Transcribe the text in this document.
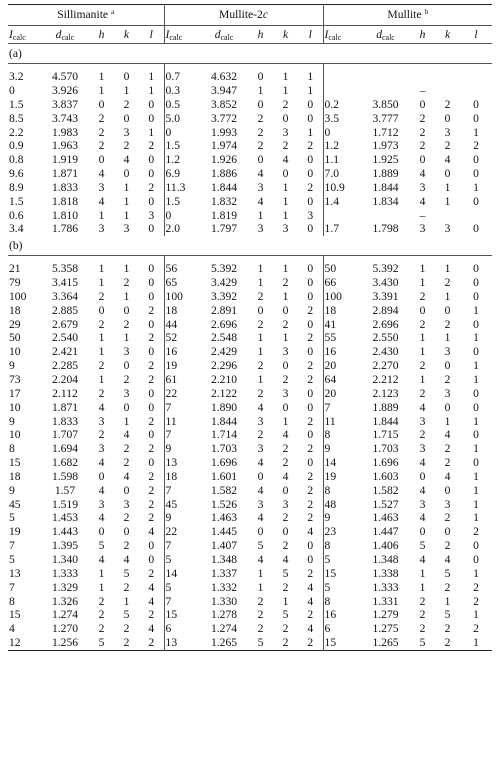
Sillimanite $^a$					Mullite-2c					Mullite $^b$
$I_{calc}$	$d_{calc}$	h	k	l	$I_{calc}$	$d_{calc}$	h	k	l	$I_{calc}$	$d_{calc}$	h	k	l
(a)														

3.2	4.570	1	0	1	0.7	4.632	0	1	1					
0	3.926	1	1	1	0.3	3.947	1	1	1			–		
1.5	3.837	0	2	0	0.5	3.852	0	2	0	0.2	3.850	0	2	0
8.5	3.743	2	0	0	5.0	3.772	2	0	0	3.5	3.777	2	0	0
2.2	1.983	2	3	1	0	1.993	2	3	1	0	1.712	2	3	1
0.9	1.963	2	2	2	1.5	1.974	2	2	2	1.2	1.973	2	2	2
0.8	1.919	0	4	0	1.2	1.926	0	4	0	1.1	1.925	0	4	0
9.6	1.871	4	0	0	6.9	1.886	4	0	0	7.0	1.889	4	0	0
8.9	1.833	3	1	2	11.3	1.844	3	1	2	10.9	1.844	3	1	1
1.5	1.818	4	1	0	1.5	1.832	4	1	0	1.4	1.834	4	1	0
0.6	1.810	1	1	3	0	1.819	1	1	3			–		
3.4	1.786	3	3	0	2.0	1.797	3	3	0	1.7	1.798	3	3	0
(b)														

21	5.358	1	1	0	56	5.392	1	1	0	50	5.392	1	1	0
79	3.415	1	2	0	65	3.429	1	2	0	66	3.430	1	2	0
100	3.364	2	1	0	100	3.392	2	1	0	100	3.391	2	1	0
18	2.885	0	0	2	18	2.891	0	0	2	18	2.894	0	0	1
29	2.679	2	2	0	44	2.696	2	2	0	41	2.696	2	2	0
50	2.540	1	1	2	52	2.548	1	1	2	55	2.550	1	1	1
10	2.421	1	3	0	16	2.429	1	3	0	16	2.430	1	3	0
9	2.285	2	0	2	19	2.296	2	0	2	20	2.270	2	0	1
73	2.204	1	2	2	61	2.210	1	2	2	64	2.212	1	2	1
17	2.112	2	3	0	22	2.122	2	3	0	20	2.123	2	3	0
10	1.871	4	0	0	7	1.890	4	0	0	7	1.889	4	0	0
9	1.833	3	1	2	11	1.844	3	1	2	11	1.844	3	1	1
10	1.707	2	4	0	7	1.714	2	4	0	8	1.715	2	4	0
8	1.694	3	2	2	9	1.703	3	2	2	9	1.703	3	2	1
15	1.682	4	2	0	13	1.696	4	2	0	14	1.696	4	2	0
18	1.598	0	4	2	18	1.601	0	4	2	19	1.603	0	4	1
9	1.57	4	0	2	7	1.582	4	0	2	8	1.582	4	0	1
45	1.519	3	3	2	45	1.526	3	3	2	48	1.527	3	3	1
5	1.453	4	2	2	9	1.463	4	2	2	9	1.463	4	2	1
19	1.443	0	0	4	22	1.445	0	0	4	23	1.447	0	0	2
7	1.395	5	2	0	7	1.407	5	2	0	8	1.406	5	2	0
5	1.340	4	4	0	5	1.348	4	4	0	5	1.348	4	4	0
13	1.333	1	5	2	14	1.337	1	5	2	15	1.338	1	5	1
7	1.329	1	2	4	5	1.332	1	2	4	5	1.333	1	2	2
8	1.326	2	1	4	7	1.330	2	1	4	8	1.331	2	1	2
15	1.274	2	5	2	15	1.278	2	5	2	16	1.279	2	5	1
4	1.270	2	2	4	6	1.274	2	2	4	6	1.275	2	2	2
12	1.256	5	2	2	13	1.265	5	2	2	15	1.265	5	2	1
